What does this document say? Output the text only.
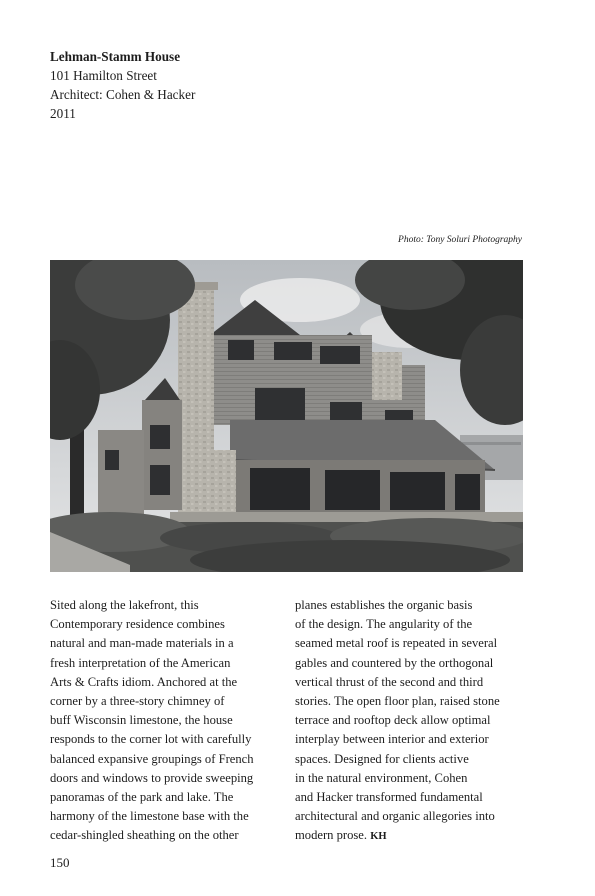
Lehman-Stamm House
101 Hamilton Street
Architect: Cohen & Hacker
2011
Photo: Tony Soluri Photography

Sited along the lakefront, this

Contemporary residence combines

natural and man-made materials in a

fresh interpretation of the American

Arts & Crafts idiom. Anchored at the

corner by a three-story chimney of

buff Wisconsin limestone, the house

responds to the corner lot with carefully

balanced expansive groupings of French

doors and windows to provide sweeping

panoramas of the park and lake. The

harmony of the limestone base with the

cedar-shingled sheathing on the other

planes establishes the organic basis

of the design. The angularity of the

seamed metal roof is repeated in several

gables and countered by the orthogonal

vertical thrust of the second and third

stories. The open floor plan, raised stone

terrace and rooftop deck allow optimal

interplay between interior and exterior

spaces. Designed for clients active

in the natural environment, Cohen

and Hacker transformed fundamental

architectural and organic allegories into

modern prose. KH

150
